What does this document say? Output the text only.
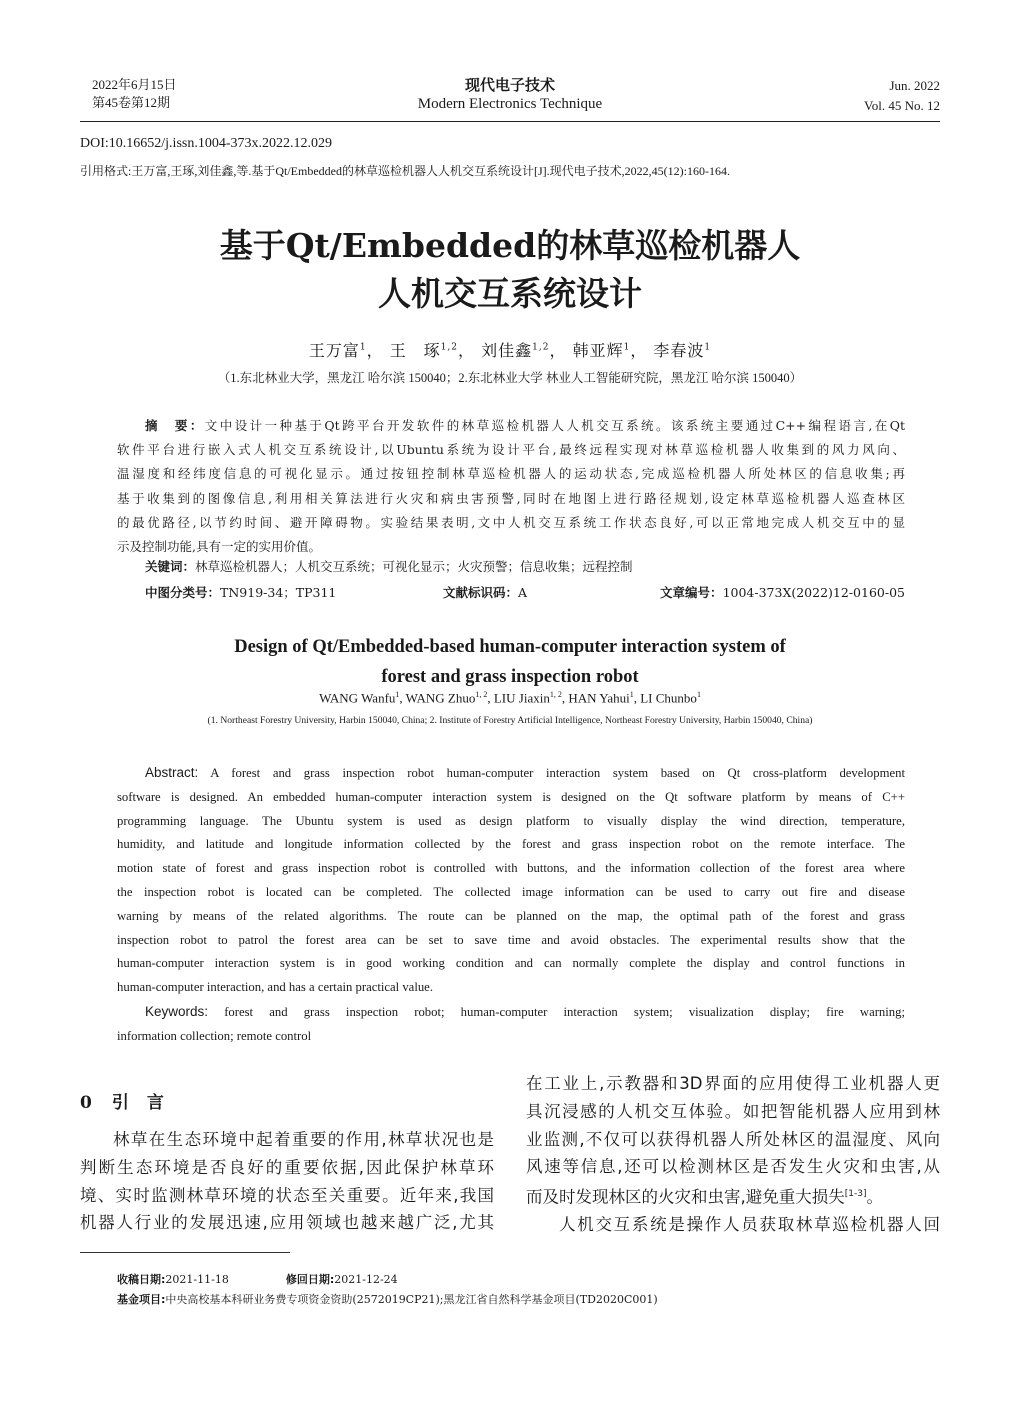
2022年6月15日
第45卷第12期
现代电子技术
Modern Electronics Technique
Jun. 2022
Vol. 45 No. 12
DOI:10.16652/j.issn.1004-373x.2022.12.029
引用格式:王万富,王琢,刘佳鑫,等.基于Qt/Embedded的林草巡检机器人人机交互系统设计[J].现代电子技术,2022,45(12):160-164.
基于Qt/Embedded的林草巡检机器人
人机交互系统设计
王万富$^1$， 王　琢$^{1,2}$， 刘佳鑫$^{1,2}$， 韩亚辉$^1$， 李春波$^1$
（1.东北林业大学，黑龙江 哈尔滨 150040；2.东北林业大学 林业人工智能研究院，黑龙江 哈尔滨 150040）
摘　要：文中设计一种基于Qt跨平台开发软件的林草巡检机器人人机交互系统。该系统主要通过C++编程语言,在Qt
软件平台进行嵌入式人机交互系统设计,以Ubuntu系统为设计平台,最终远程实现对林草巡检机器人收集到的风力风向、
温湿度和经纬度信息的可视化显示。通过按钮控制林草巡检机器人的运动状态,完成巡检机器人所处林区的信息收集;再
基于收集到的图像信息,利用相关算法进行火灾和病虫害预警,同时在地图上进行路径规划,设定林草巡检机器人巡查林区
的最优路径,以节约时间、避开障碍物。实验结果表明,文中人机交互系统工作状态良好,可以正常地完成人机交互中的显
示及控制功能,具有一定的实用价值。
关键词：林草巡检机器人；人机交互系统；可视化显示；火灾预警；信息收集；远程控制
中图分类号：TN919-34；TP311	文献标识码：A	文章编号：1004-373X(2022)12-0160-05
Design of Qt/Embedded-based human-computer interaction system of
forest and grass inspection robot
WANG Wanfu$^1$, WANG Zhuo$^{1, 2}$, LIU Jiaxin$^{1, 2}$, HAN Yahui$^1$, LI Chunbo$^1$
(1. Northeast Forestry University, Harbin 150040, China; 2. Institute of Forestry Artificial Intelligence, Northeast Forestry University, Harbin 150040, China)
Abstract: A forest and grass inspection robot human-computer interaction system based on Qt cross-platform development
software is designed. An embedded human-computer interaction system is designed on the Qt software platform by means of C++
programming language. The Ubuntu system is used as design platform to visually display the wind direction, temperature,
humidity, and latitude and longitude information collected by the forest and grass inspection robot on the remote interface. The
motion state of forest and grass inspection robot is controlled with buttons, and the information collection of the forest area where
the inspection robot is located can be completed. The collected image information can be used to carry out fire and disease
warning by means of the related algorithms. The route can be planned on the map, the optimal path of the forest and grass
inspection robot to patrol the forest area can be set to save time and avoid obstacles. The experimental results show that the
human-computer interaction system is in good working condition and can normally complete the display and control functions in
human-computer interaction, and has a certain practical value.
Keywords: forest and grass inspection robot; human-computer interaction system; visualization display; fire warning;
information collection; remote control
0 引言
林草在生态环境中起着重要的作用,林草状况也是
判断生态环境是否良好的重要依据,因此保护林草环
境、实时监测林草环境的状态至关重要。近年来,我国
机器人行业的发展迅速,应用领域也越来越广泛,尤其
在工业上,示教器和3D界面的应用使得工业机器人更
具沉浸感的人机交互体验。如把智能机器人应用到林
业监测,不仅可以获得机器人所处林区的温湿度、风向
风速等信息,还可以检测林区是否发生火灾和虫害,从
而及时发现林区的火灾和虫害,避免重大损失[1-3]。
人机交互系统是操作人员获取林草巡检机器人回
收稿日期:2021-11-18	修回日期:2021-12-24
基金项目:中央高校基本科研业务费专项资金资助(2572019CP21);黑龙江省自然科学基金项目(TD2020C001)
